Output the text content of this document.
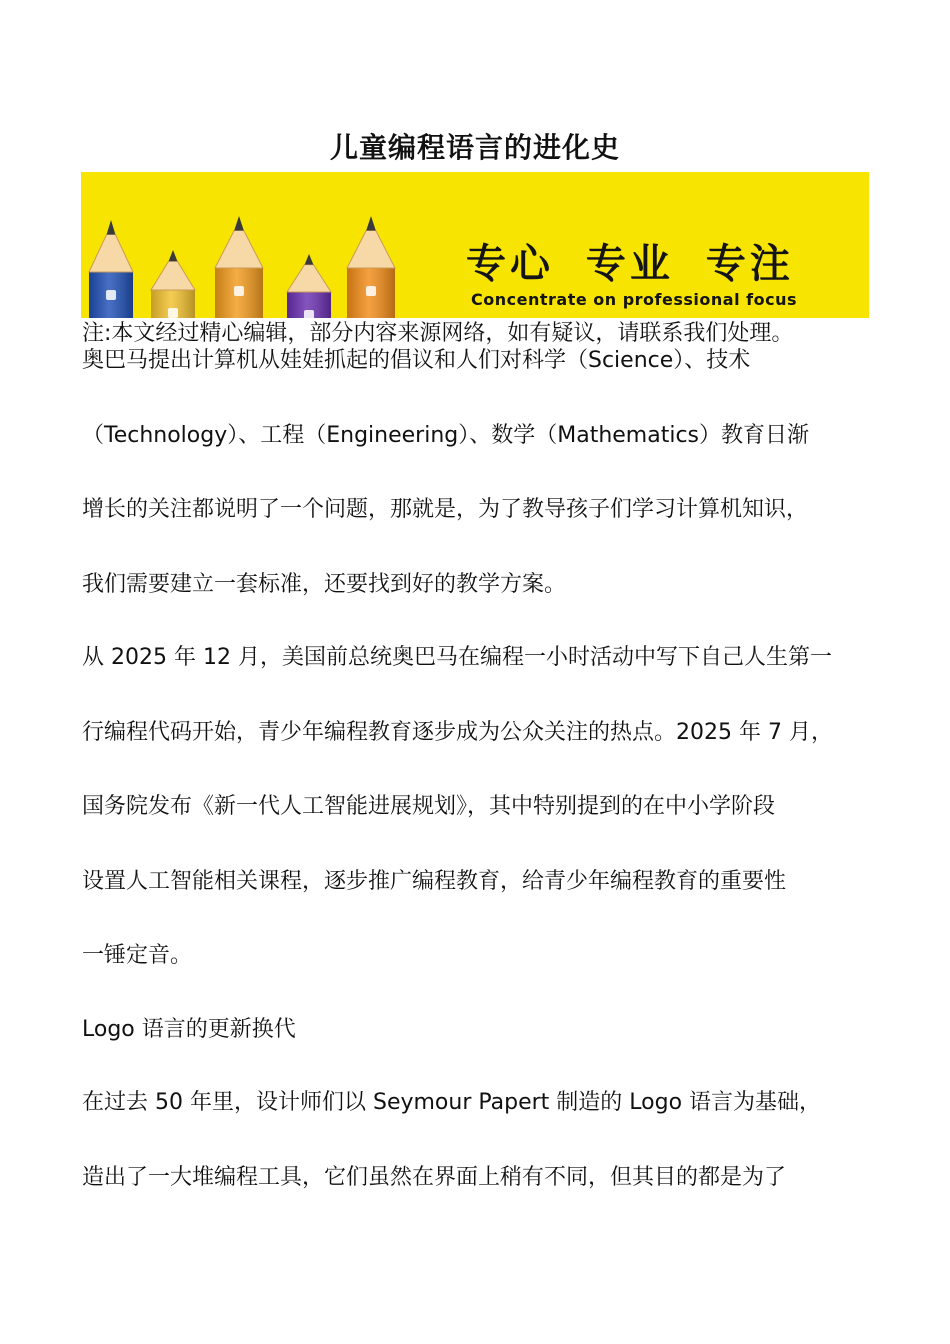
儿童编程语言的进化史
专心 专业 专注
Concentrate on professional focus
注:本文经过精心编辑，部分内容来源网络，如有疑议，请联系我们处理。
奥巴马提出计算机从娃娃抓起的倡议和人们对科学（Science）、技术
（Technology）、工程（Engineering）、数学（Mathematics）教育日渐
增长的关注都说明了一个问题，那就是，为了教导孩子们学习计算机知识，
我们需要建立一套标准，还要找到好的教学方案。
从 2025 年 12 月，美国前总统奥巴马在编程一小时活动中写下自己人生第一
行编程代码开始，青少年编程教育逐步成为公众关注的热点。2025 年 7 月，
国务院发布《新一代人工智能进展规划》，其中特别提到的在中小学阶段
设置人工智能相关课程，逐步推广编程教育，给青少年编程教育的重要性
一锤定音。
Logo 语言的更新换代
在过去 50 年里，设计师们以 Seymour Papert 制造的 Logo 语言为基础，
造出了一大堆编程工具，它们虽然在界面上稍有不同，但其目的都是为了
